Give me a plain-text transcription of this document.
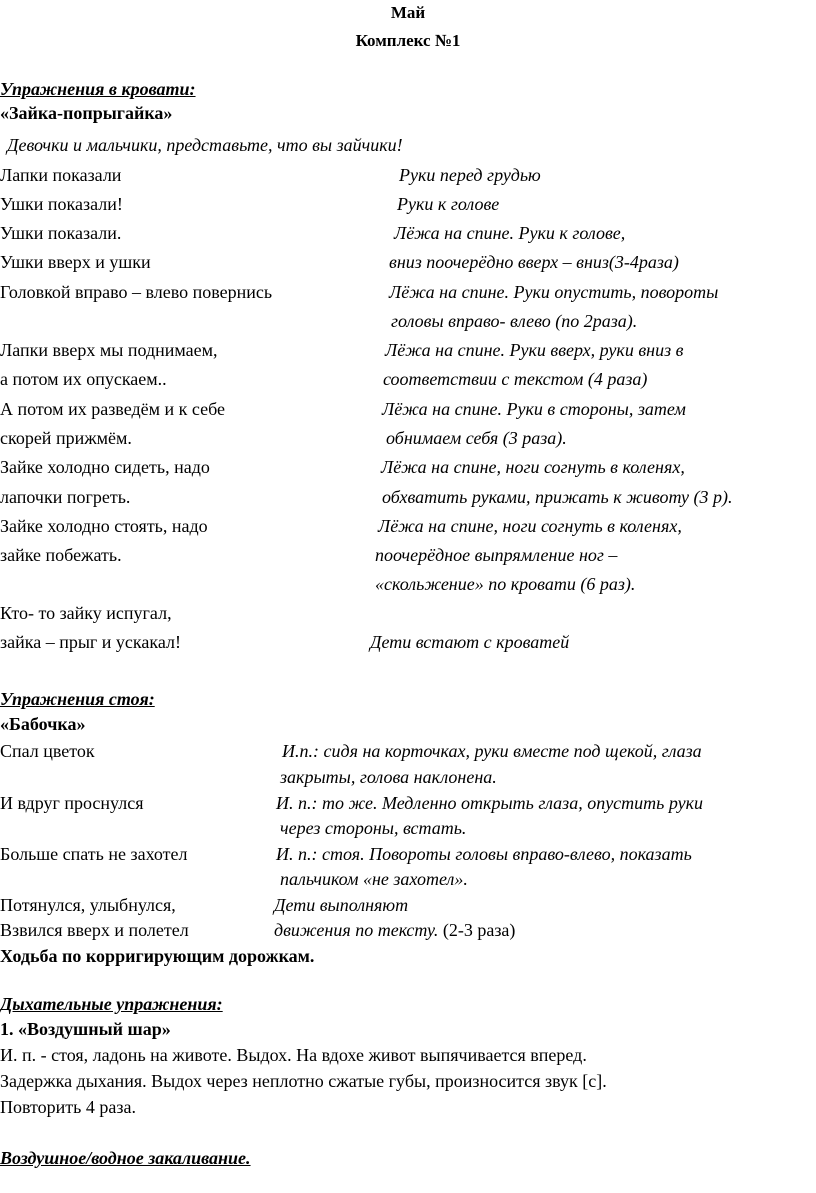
Май
Комплекс №1
Упражнения в кровати:
«Зайка-попрыгайка»
Девочки и мальчики, представьте, что вы зайчики!
Лапки показали	Руки перед грудью
Ушки показали!	Руки к голове
Ушки показали.	Лёжа на спине. Руки к голове,
Ушки вверх и ушки	вниз поочерёдно вверх – вниз(3-4раза)
Головкой вправо – влево повернись	Лёжа на спине. Руки опустить, повороты
головы вправо- влево (по 2раза).
Лапки вверх мы поднимаем,	Лёжа на спине. Руки вверх, руки вниз в
а потом их опускаем..	соответствии с текстом (4 раза)
А потом их разведём и к себе	Лёжа на спине. Руки в стороны, затем
скорей прижмём.	обнимаем себя (3 раза).
Зайке холодно сидеть, надо	Лёжа на спине, ноги согнуть в коленях,
лапочки погреть.	обхватить руками, прижать к животу (3 р).
Зайке холодно стоять, надо	Лёжа на спине, ноги согнуть в коленях,
зайке побежать.	поочерёдное выпрямление ног –
«скольжение» по кровати (6 раз).
Кто- то зайку испугал,
зайка – прыг и ускакал!	Дети встают с кроватей
Упражнения стоя:
«Бабочка»
Спал цветок	И.п.: сидя на корточках, руки вместе под щекой, глаза
закрыты, голова наклонена.
И вдруг проснулся	И. п.: то же. Медленно открыть глаза, опустить руки
через стороны, встать.
Больше спать не захотел	И. п.: стоя. Повороты головы вправо-влево, показать
пальчиком «не захотел».
Потянулся, улыбнулся,	Дети выполняют
Взвился вверх и полетел	движения по тексту. (2-3 раза)
Ходьба по корригирующим дорожкам.
Дыхательные упражнения:
1. «Воздушный шар»
И. п. - стоя, ладонь на животе. Выдох. На вдохе живот выпячивается вперед.
Задержка дыхания. Выдох через неплотно сжатые губы, произносится звук [с].
Повторить 4 раза.
Воздушное/водное закаливание.
